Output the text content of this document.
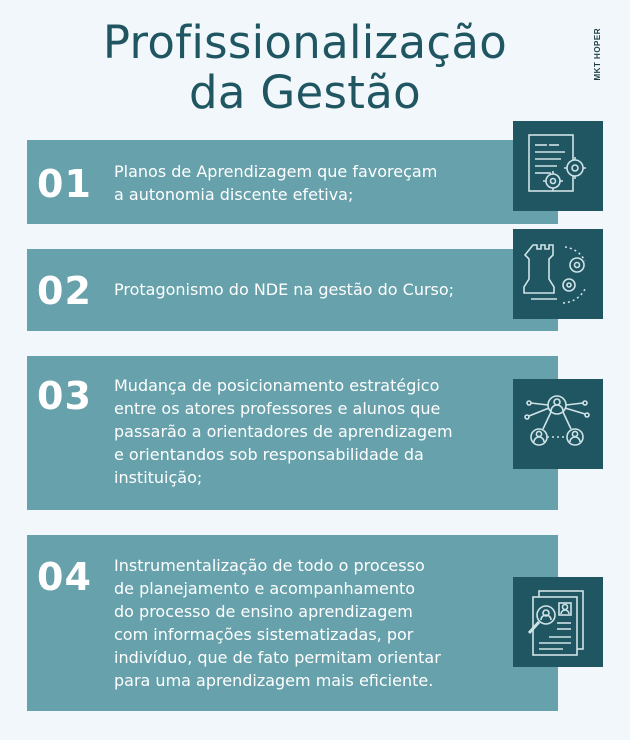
Profissionalização
da Gestão
MKT HOPER
01 Planos de Aprendizagem que favoreçam
a autonomia discente efetiva;
02 Protagonismo do NDE na gestão do Curso;
03 Mudança de posicionamento estratégico
entre os atores professores e alunos que
passarão a orientadores de aprendizagem
e orientandos sob responsabilidade da
instituição;
04 Instrumentalização de todo o processo
de planejamento e acompanhamento
do processo de ensino aprendizagem
com informações sistematizadas, por
indivíduo, que de fato permitam orientar
para uma aprendizagem mais eficiente.
